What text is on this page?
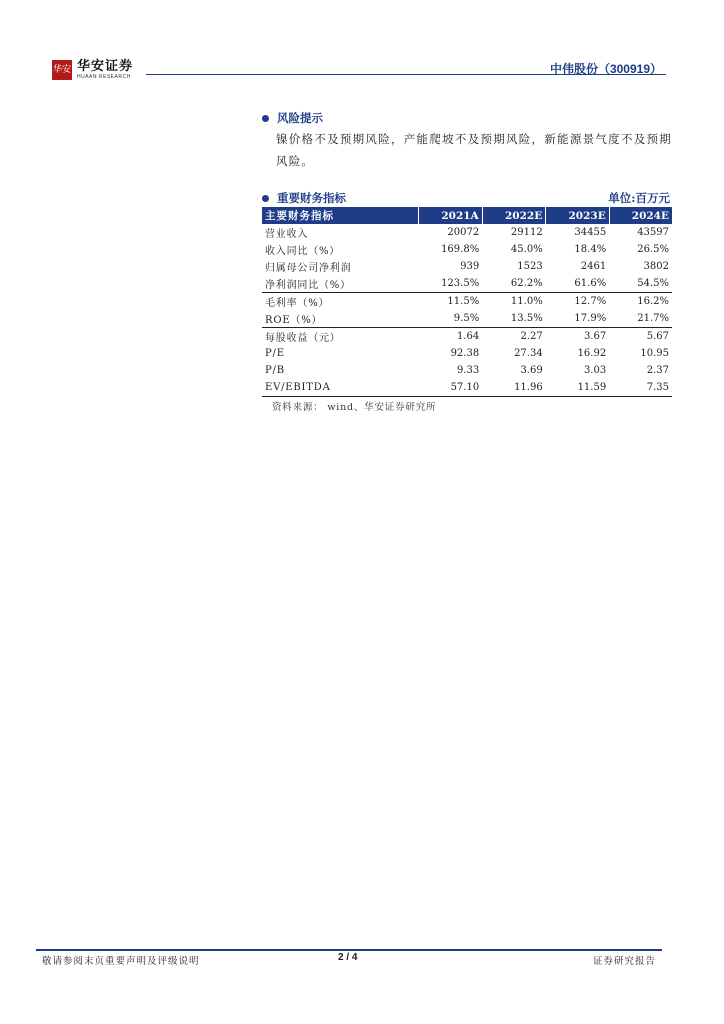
华安 华安证券
HUAAN RESEARCH
中伟股份（300919）
风险提示
镍价格不及预期风险，产能爬坡不及预期风险，新能源景气度不及预期风险。
重要财务指标	单位:百万元
主要财务指标	2021A	2022E	2023E	2024E
营业收入	20072	29112	34455	43597
收入同比（%）	169.8%	45.0%	18.4%	26.5%
归属母公司净利润	939	1523	2461	3802
净利润同比（%）	123.5%	62.2%	61.6%	54.5%
毛利率（%）	11.5%	11.0%	12.7%	16.2%
ROE（%）	9.5%	13.5%	17.9%	21.7%
每股收益（元）	1.64	2.27	3.67	5.67
P/E	92.38	27.34	16.92	10.95
P/B	9.33	3.69	3.03	2.37
EV/EBITDA	57.10	11.96	11.59	7.35
资料来源： wind、华安证券研究所
敬请参阅末页重要声明及评级说明	2 / 4	证券研究报告
